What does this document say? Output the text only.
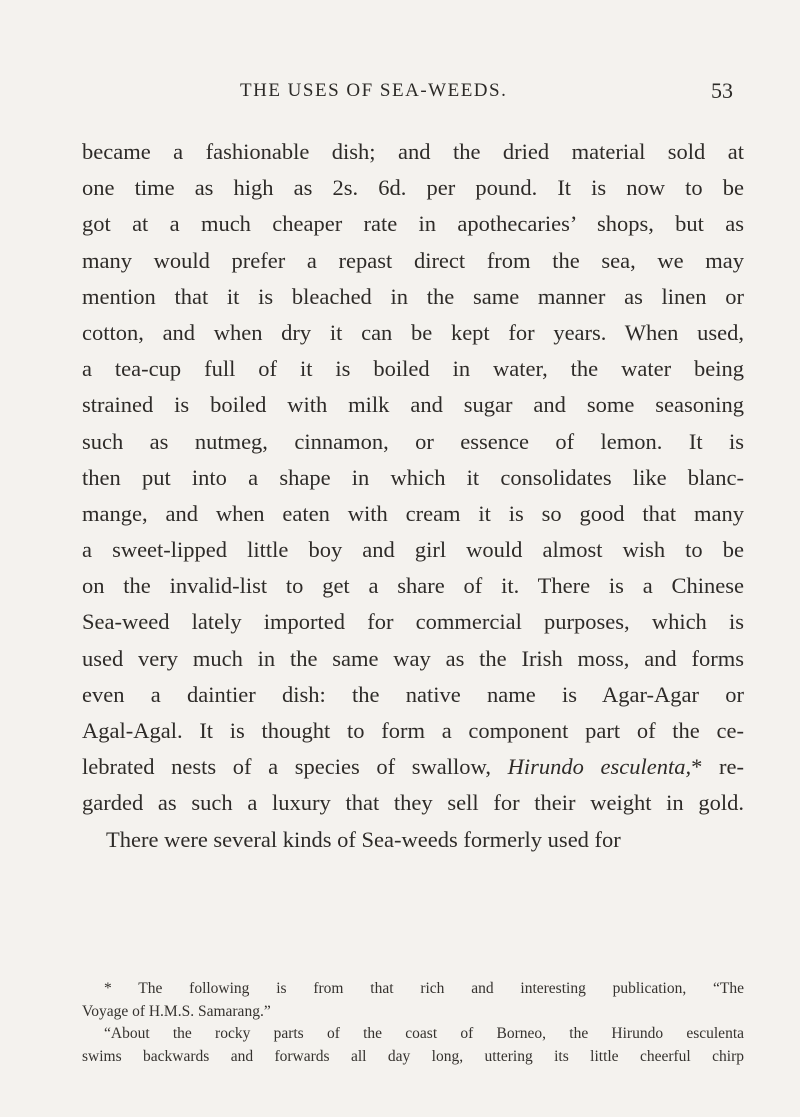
THE USES OF SEA-WEEDS.	53
became a fashionable dish; and the dried material sold at
one time as high as 2s. 6d. per pound. It is now to be
got at a much cheaper rate in apothecaries’ shops, but as
many would prefer a repast direct from the sea, we may
mention that it is bleached in the same manner as linen or
cotton, and when dry it can be kept for years. When used,
a tea-cup full of it is boiled in water, the water being
strained is boiled with milk and sugar and some seasoning
such as nutmeg, cinnamon, or essence of lemon. It is
then put into a shape in which it consolidates like blanc-
mange, and when eaten with cream it is so good that many
a sweet-lipped little boy and girl would almost wish to be
on the invalid-list to get a share of it. There is a Chinese
Sea-weed lately imported for commercial purposes, which is
used very much in the same way as the Irish moss, and forms
even a daintier dish: the native name is Agar-Agar or
Agal-Agal. It is thought to form a component part of the ce-
lebrated nests of a species of swallow, Hirundo esculenta,* re-
garded as such a luxury that they sell for their weight in gold.
There were several kinds of Sea-weeds formerly used for
* The following is from that rich and interesting publication, “The
Voyage of H.M.S. Samarang.”
“About the rocky parts of the coast of Borneo, the Hirundo esculenta
swims backwards and forwards all day long, uttering its little cheerful chirp
